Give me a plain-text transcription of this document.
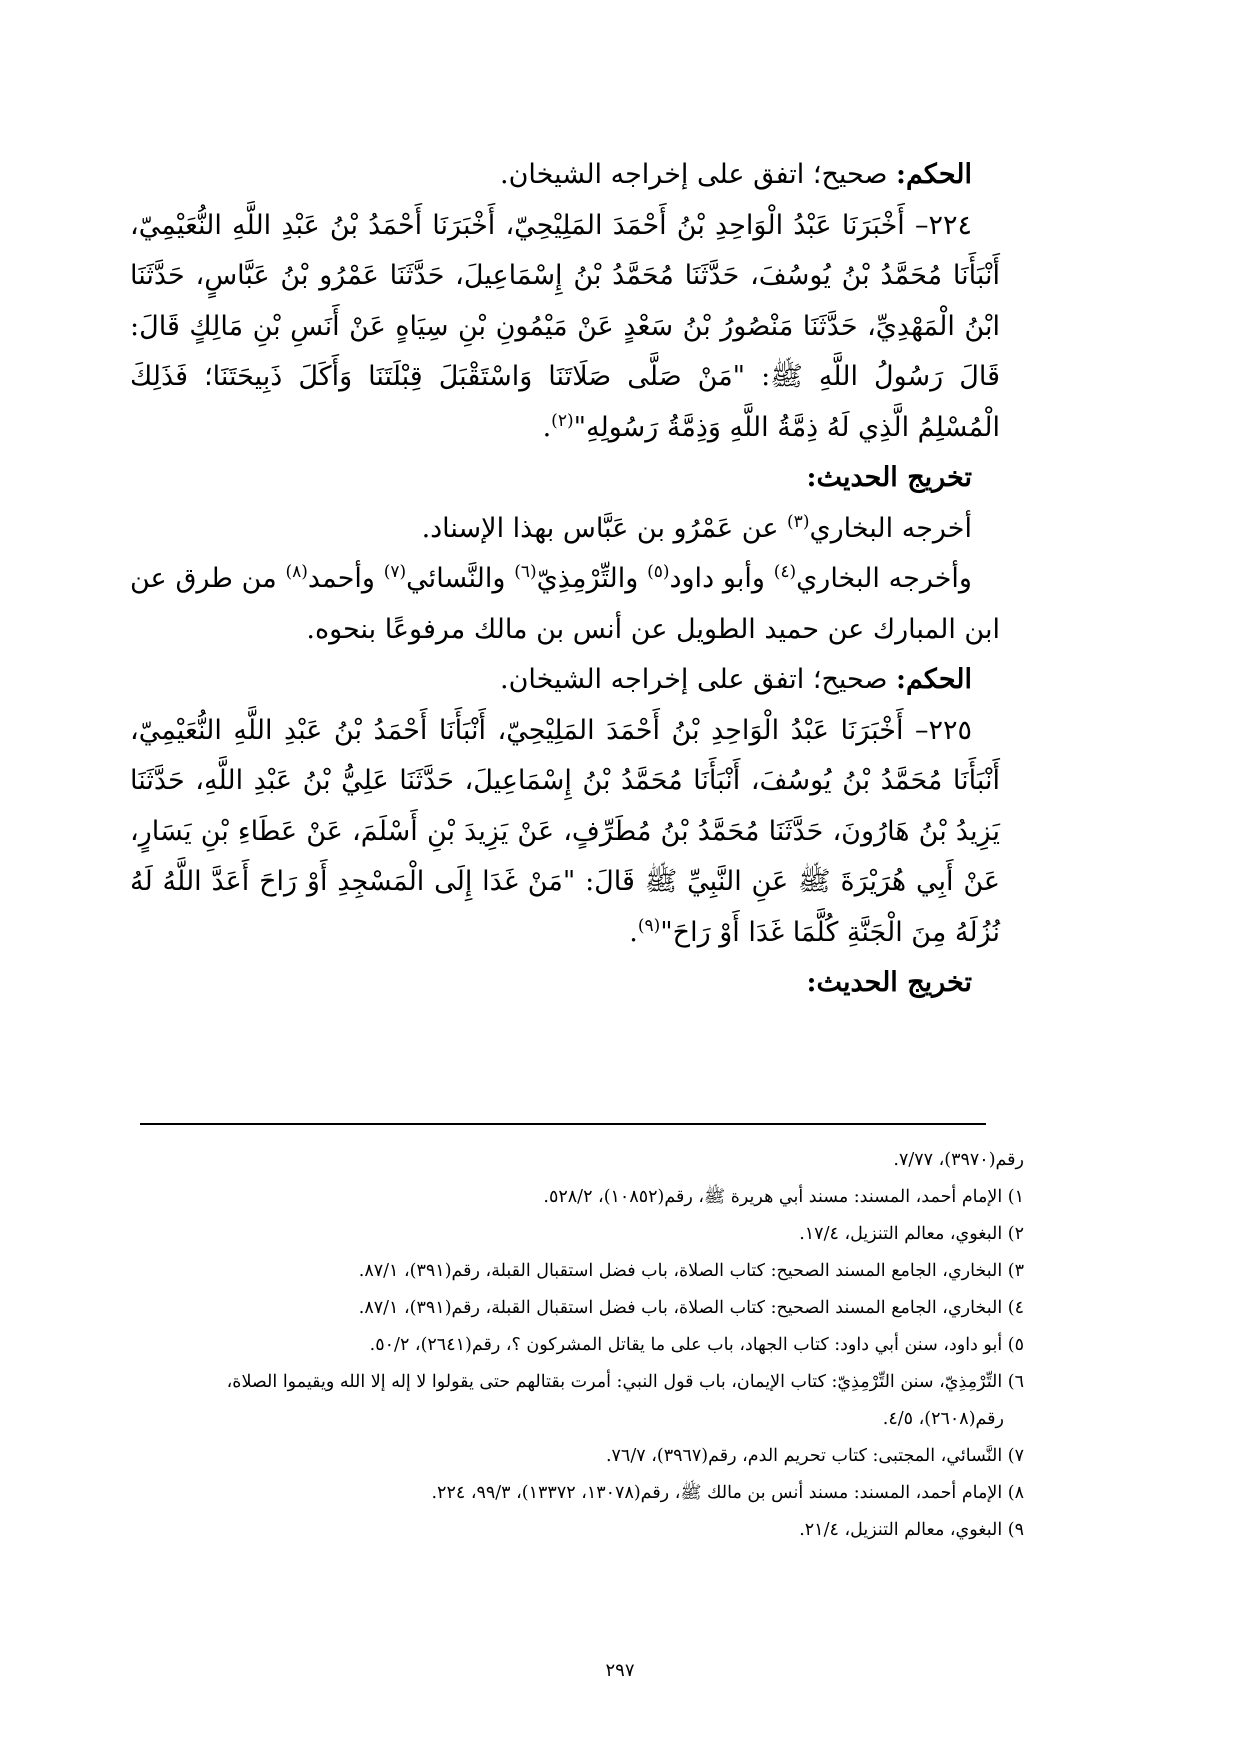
الحكم: صحيح؛ اتفق على إخراجه الشيخان.

٢٢٤– أَخْبَرَنَا عَبْدُ الْوَاحِدِ بْنُ أَحْمَدَ المَلِيْحِيّ، أَخْبَرَنَا أَحْمَدُ بْنُ عَبْدِ اللَّهِ النُّعَيْمِيّ، أَنْبَأَنَا مُحَمَّدُ بْنُ يُوسُفَ، حَدَّثَنَا مُحَمَّدُ بْنُ إِسْمَاعِيلَ، حَدَّثَنَا عَمْرُو بْنُ عَبَّاسٍ، حَدَّثَنَا ابْنُ الْمَهْدِيِّ، حَدَّثَنَا مَنْصُورُ بْنُ سَعْدٍ عَنْ مَيْمُونِ بْنِ سِيَاهٍ عَنْ أَنَسِ بْنِ مَالِكٍ قَالَ: قَالَ رَسُولُ اللَّهِ ﷺ: "مَنْ صَلَّى صَلَاتَنَا وَاسْتَقْبَلَ قِبْلَتَنَا وَأَكَلَ ذَبِيحَتَنَا؛ فَذَلِكَ الْمُسْلِمُ الَّذِي لَهُ ذِمَّةُ اللَّهِ وَذِمَّةُ رَسُولِهِ"$^{(٢)}$.

تخريج الحديث:

أخرجه البخاري$^{(٣)}$ عن عَمْرُو بن عَبَّاس بهذا الإسناد.

وأخرجه البخاري$^{(٤)}$ وأبو داود$^{(٥)}$ والتِّرْمِذِيّ$^{(٦)}$ والنَّسائي$^{(٧)}$ وأحمد$^{(٨)}$ من طرق عن ابن المبارك عن حميد الطويل عن أنس بن مالك مرفوعًا بنحوه.

الحكم: صحيح؛ اتفق على إخراجه الشيخان.

٢٢٥– أَخْبَرَنَا عَبْدُ الْوَاحِدِ بْنُ أَحْمَدَ المَلِيْحِيّ، أَنْبَأَنَا أَحْمَدُ بْنُ عَبْدِ اللَّهِ النُّعَيْمِيّ، أَنْبَأَنَا مُحَمَّدُ بْنُ يُوسُفَ، أَنْبَأَنَا مُحَمَّدُ بْنُ إِسْمَاعِيلَ، حَدَّثَنَا عَلِيُّ بْنُ عَبْدِ اللَّهِ، حَدَّثَنَا يَزِيدُ بْنُ هَارُونَ، حَدَّثَنَا مُحَمَّدُ بْنُ مُطَرِّفٍ، عَنْ يَزِيدَ بْنِ أَسْلَمَ، عَنْ عَطَاءِ بْنِ يَسَارٍ، عَنْ أَبِي هُرَيْرَةَ ﷺ عَنِ النَّبِيِّ ﷺ قَالَ: "مَنْ غَدَا إِلَى الْمَسْجِدِ أَوْ رَاحَ أَعَدَّ اللَّهُ لَهُ نُزُلَهُ مِنَ الْجَنَّةِ كُلَّمَا غَدَا أَوْ رَاحَ"$^{(٩)}$.

تخريج الحديث:

رقم(٣٩٧٠)، ٧/٧٧.

١) الإمام أحمد، المسند: مسند أبي هريرة ﷺ، رقم(١٠٨٥٢)، ٥٢٨/٢.

٢) البغوي، معالم التنزيل، ١٧/٤.

٣) البخاري، الجامع المسند الصحيح: كتاب الصلاة، باب فضل استقبال القبلة، رقم(٣٩١)، ٨٧/١.

٤) البخاري، الجامع المسند الصحيح: كتاب الصلاة، باب فضل استقبال القبلة، رقم(٣٩١)، ٨٧/١.

٥) أبو داود، سنن أبي داود: كتاب الجهاد، باب على ما يقاتل المشركون ؟، رقم(٢٦٤١)، ٥٠/٢.

٦) التِّرْمِذِيّ، سنن التِّرْمِذِيّ: كتاب الإيمان، باب قول النبي: أمرت بقتالهم حتى يقولوا لا إله إلا الله ويقيموا الصلاة،

رقم(٢٦٠٨)، ٤/٥.

٧) النَّسائي، المجتبى: كتاب تحريم الدم، رقم(٣٩٦٧)، ٧٦/٧.

٨) الإمام أحمد، المسند: مسند أنس بن مالك ﷺ، رقم(١٣٠٧٨، ١٣٣٧٢)، ٩٩/٣، ٢٢٤.

٩) البغوي، معالم التنزيل، ٢١/٤.

٢٩٧
